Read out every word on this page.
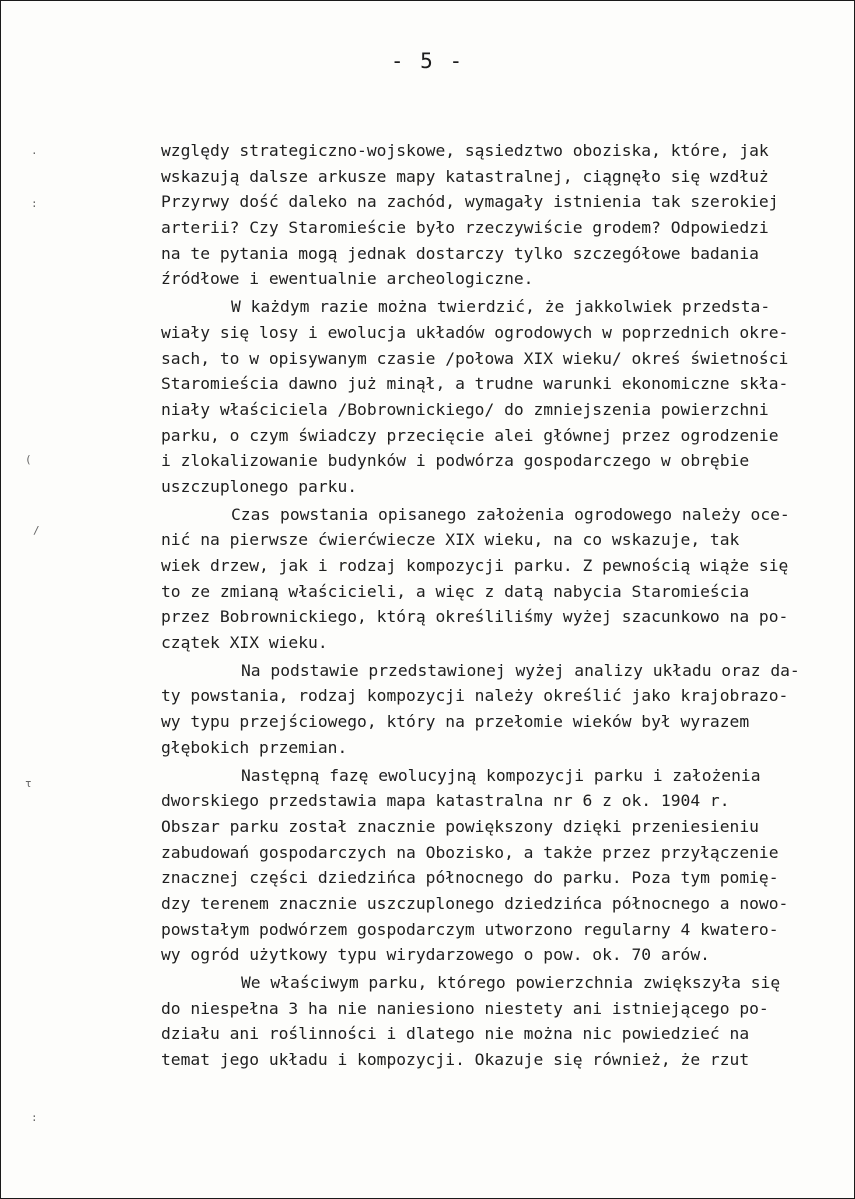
·
:
(
/
τ
:
- 5 -
względy strategiczno-wojskowe, sąsiedztwo oboziska, które, jak
wskazują dalsze arkusze mapy katastralnej, ciągnęło się wzdłuż
Przyrwy dość daleko na zachód, wymagały istnienia tak szerokiej
arterii? Czy Staromieście było rzeczywiście grodem? Odpowiedzi
na te pytania mogą jednak dostarczy tylko szczegółowe badania
źródłowe i ewentualnie archeologiczne.
W każdym razie można twierdzić, że jakkolwiek przedsta-
wiały się losy i ewolucja układów ogrodowych w poprzednich okre-
sach, to w opisywanym czasie /połowa XIX wieku/ okreś świetności
Staromieścia dawno już minął, a trudne warunki ekonomiczne skła-
niały właściciela /Bobrownickiego/ do zmniejszenia powierzchni
parku, o czym świadczy przecięcie alei głównej przez ogrodzenie
i zlokalizowanie budynków i podwórza gospodarczego w obrębie
uszczuplonego parku.
Czas powstania opisanego założenia ogrodowego należy oce-
nić na pierwsze ćwierćwiecze XIX wieku, na co wskazuje, tak
wiek drzew, jak i rodzaj kompozycji parku. Z pewnością wiąże się
to ze zmianą właścicieli, a więc z datą nabycia Staromieścia
przez Bobrownickiego, którą określiliśmy wyżej szacunkowo na po-
czątek XIX wieku.
Na podstawie przedstawionej wyżej analizy układu oraz da-
ty powstania, rodzaj kompozycji należy określić jako krajobrazo-
wy typu przejściowego, który na przełomie wieków był wyrazem
głębokich przemian.
Następną fazę ewolucyjną kompozycji parku i założenia
dworskiego przedstawia mapa katastralna nr 6 z ok. 1904 r.
Obszar parku został znacznie powiększony dzięki przeniesieniu
zabudowań gospodarczych na Obozisko, a także przez przyłączenie
znacznej części dziedzińca północnego do parku. Poza tym pomię-
dzy terenem znacznie uszczuplonego dziedzińca północnego a nowo-
powstałym podwórzem gospodarczym utworzono regularny 4 kwatero-
wy ogród użytkowy typu wirydarzowego o pow. ok. 70 arów.
We właściwym parku, którego powierzchnia zwiększyła się
do niespełna 3 ha nie naniesiono niestety ani istniejącego po-
działu ani roślinności i dlatego nie można nic powiedzieć na
temat jego układu i kompozycji. Okazuje się również, że rzut
